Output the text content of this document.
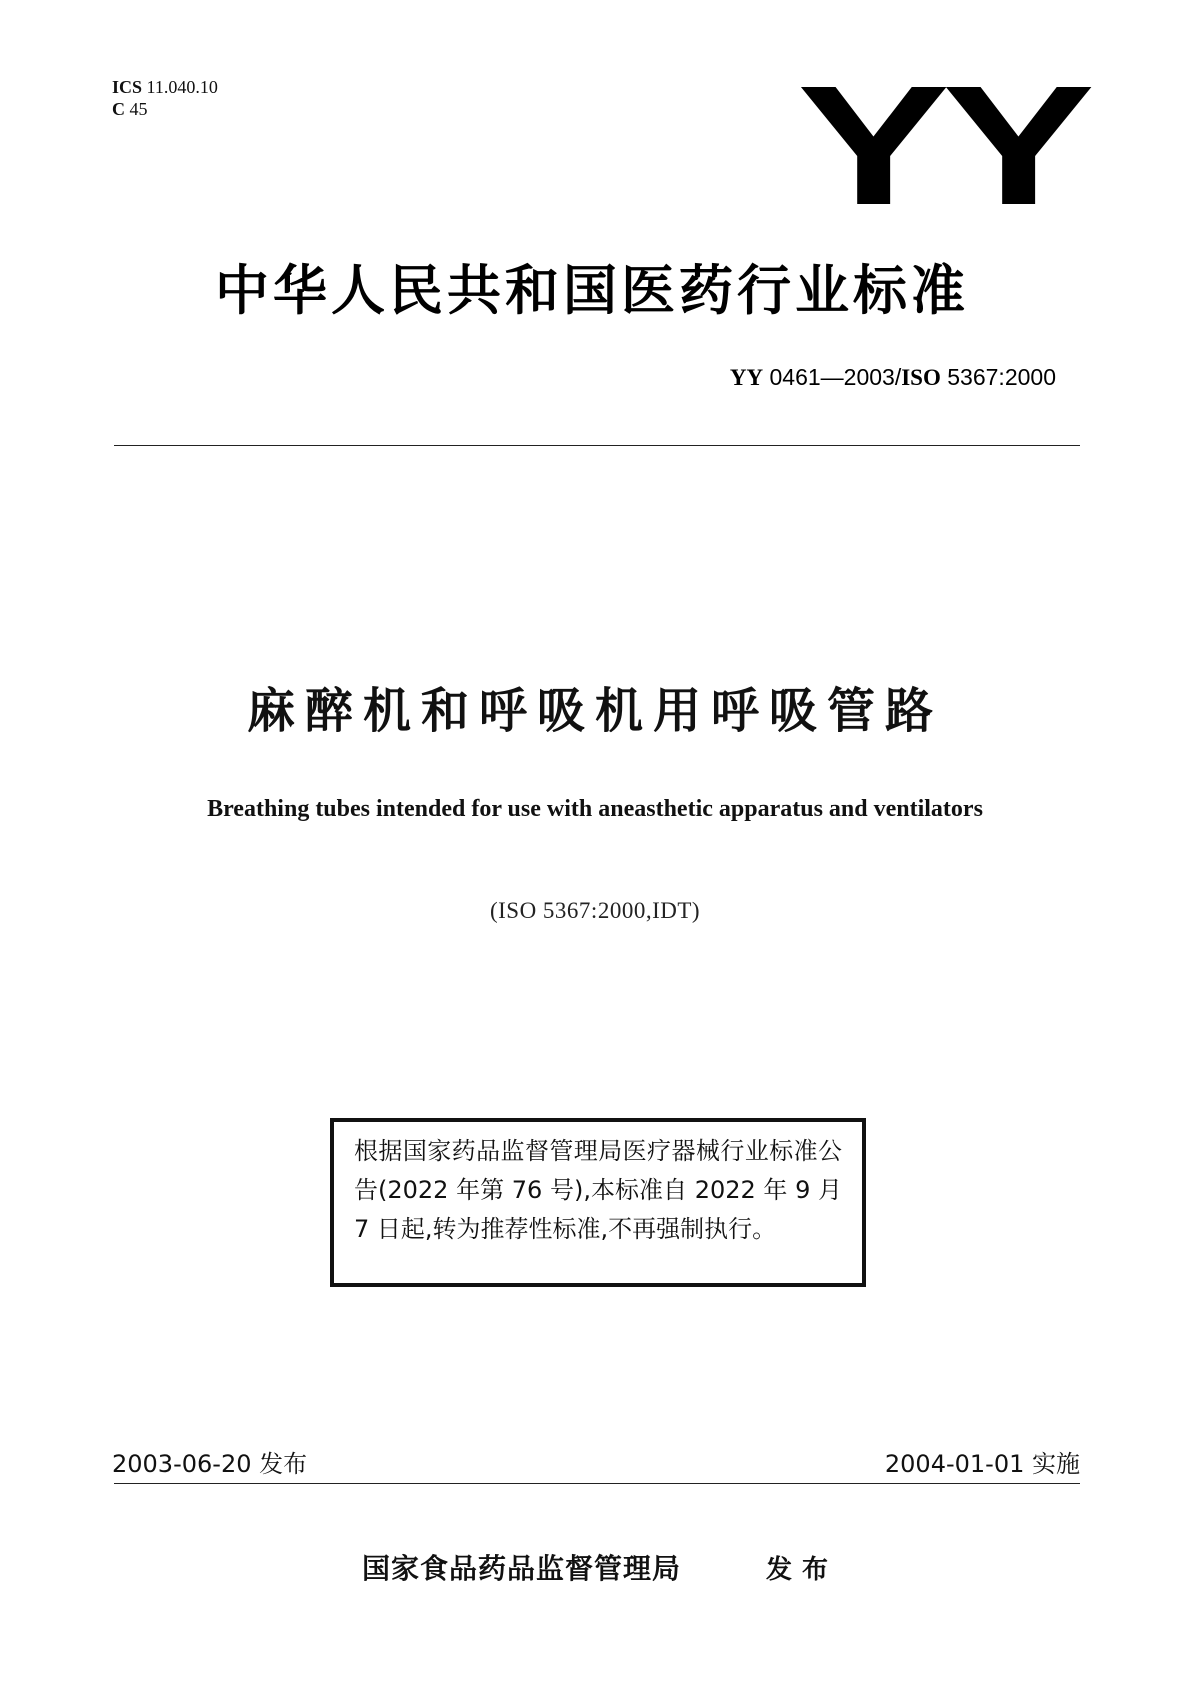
ICS 11.040.10
C 45	YY
中华人民共和国医药行业标准
YY 0461—2003/ISO 5367:2000
麻醉机和呼吸机用呼吸管路
Breathing tubes intended for use with aneasthetic apparatus and ventilators
(ISO 5367:2000,IDT)
根据国家药品监督管理局医疗器械行业标准公告(2022 年第 76 号),本标准自 2022 年 9 月 7 日起,转为推荐性标准,不再强制执行。
2003-06-20 发布	2004-01-01 实施
国家食品药品监督管理局	发布
